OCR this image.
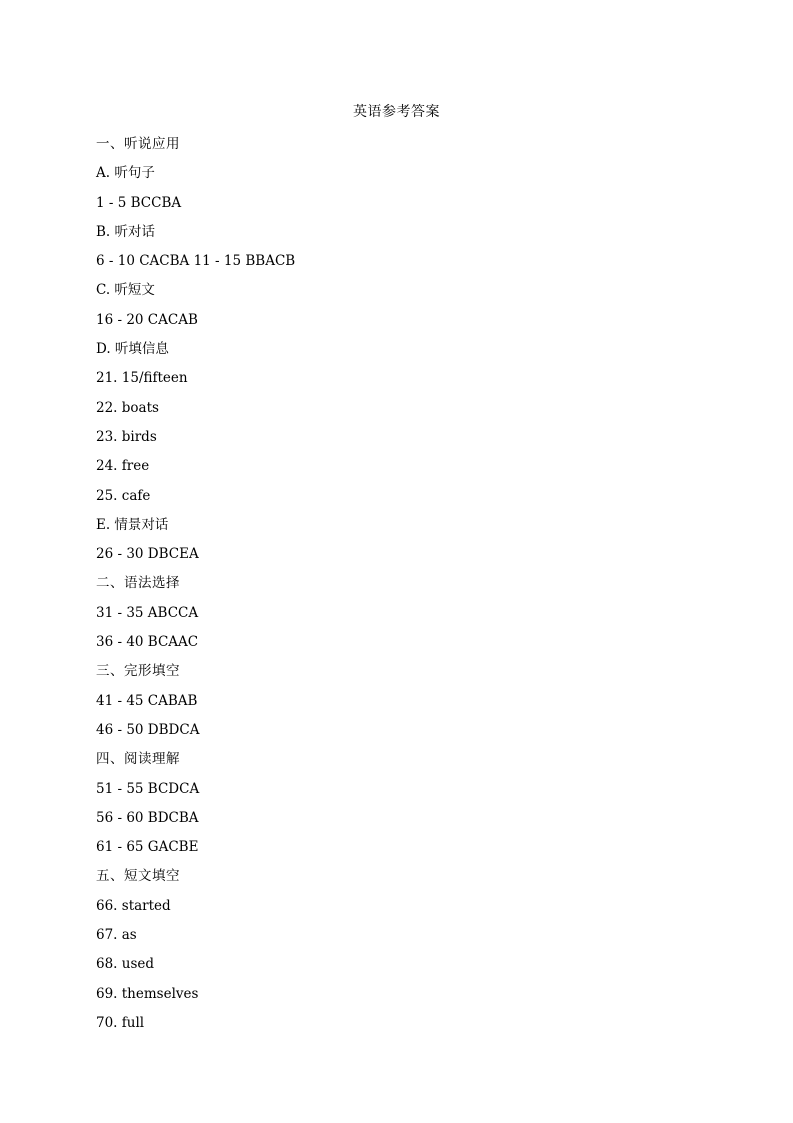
英语参考答案
一、听说应用
A. 听句子
1 - 5 BCCBA
B. 听对话
6 - 10 CACBA 11 - 15 BBACB
C. 听短文
16 - 20 CACAB
D. 听填信息
21. 15/fifteen
22. boats
23. birds
24. free
25. cafe
E. 情景对话
26 - 30 DBCEA
二、语法选择
31 - 35 ABCCA
36 - 40 BCAAC
三、完形填空
41 - 45 CABAB
46 - 50 DBDCA
四、阅读理解
51 - 55 BCDCA
56 - 60 BDCBA
61 - 65 GACBE
五、短文填空
66. started
67. as
68. used
69. themselves
70. full
